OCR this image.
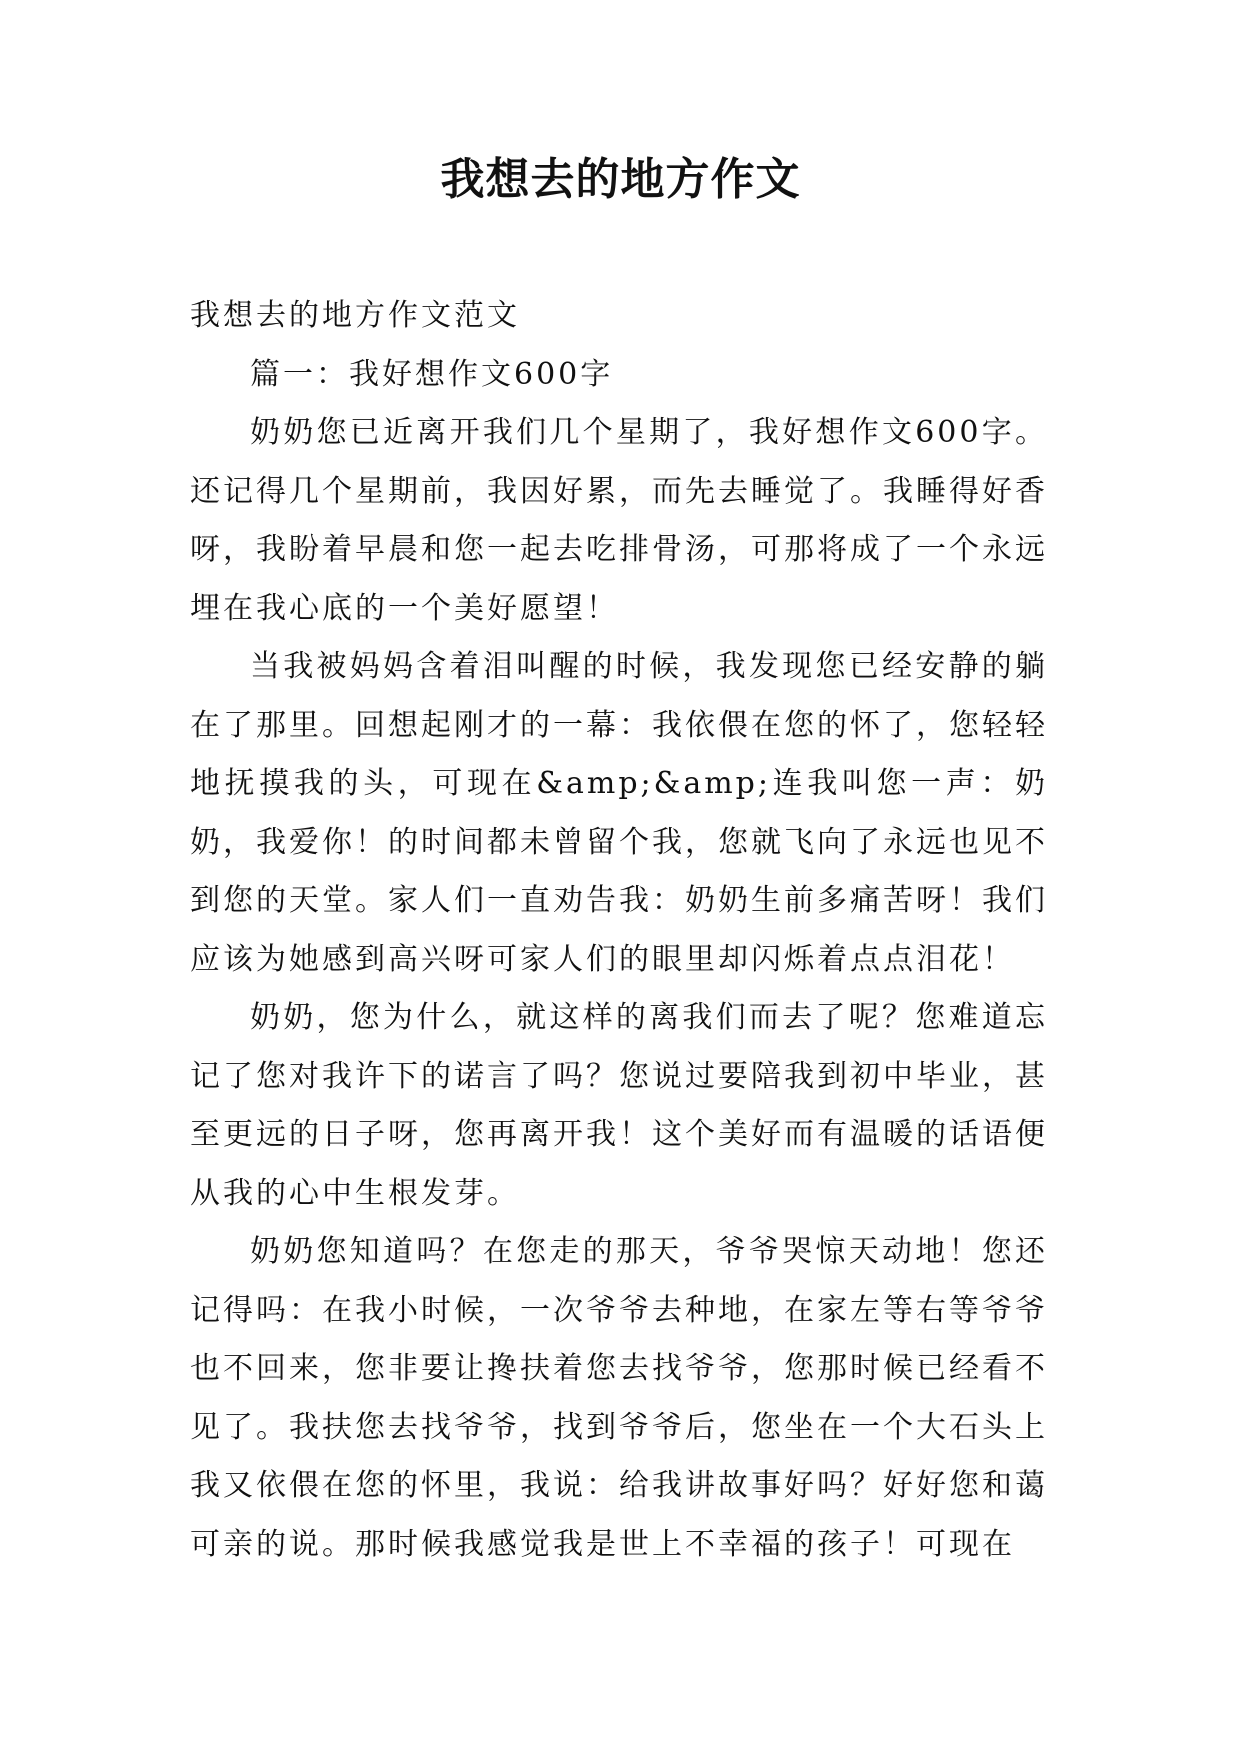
我想去的地方作文

我想去的地方作文范文

篇一：我好想作文600字

奶奶您已近离开我们几个星期了，我好想作文600字。还记得几个星期前，我因好累，而先去睡觉了。我睡得好香呀，我盼着早晨和您一起去吃排骨汤，可那将成了一个永远埋在我心底的一个美好愿望！

当我被妈妈含着泪叫醒的时候，我发现您已经安静的躺在了那里。回想起刚才的一幕：我依偎在您的怀了，您轻轻地抚摸我的头，可现在&amp;&amp;连我叫您一声：奶奶，我爱你！的时间都未曾留个我，您就飞向了永远也见不到您的天堂。家人们一直劝告我：奶奶生前多痛苦呀！我们应该为她感到高兴呀可家人们的眼里却闪烁着点点泪花！

奶奶，您为什么，就这样的离我们而去了呢？您难道忘记了您对我许下的诺言了吗？您说过要陪我到初中毕业，甚至更远的日子呀，您再离开我！这个美好而有温暖的话语便从我的心中生根发芽。

奶奶您知道吗？在您走的那天，爷爷哭惊天动地！您还记得吗：在我小时候，一次爷爷去种地，在家左等右等爷爷也不回来，您非要让搀扶着您去找爷爷，您那时候已经看不见了。我扶您去找爷爷，找到爷爷后，您坐在一个大石头上我又依偎在您的怀里，我说：给我讲故事好吗？好好您和蔼可亲的说。那时候我感觉我是世上不幸福的孩子！可现在
